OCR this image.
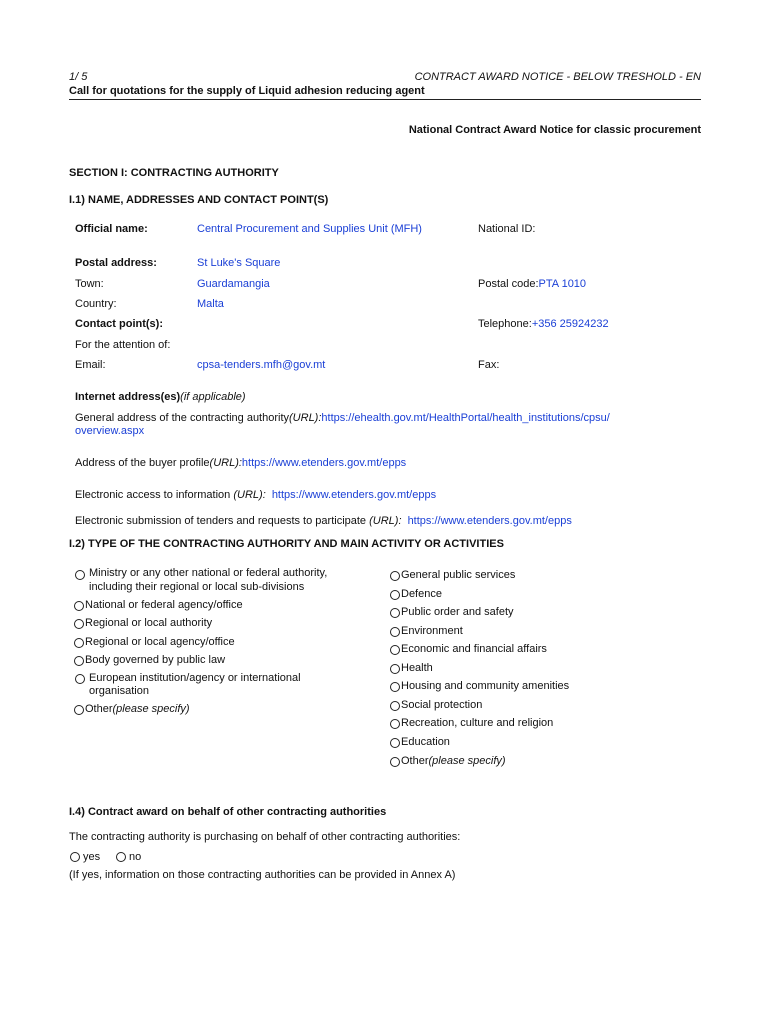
1/ 5	CONTRACT AWARD NOTICE - BELOW TRESHOLD - EN
Call for quotations for the supply of Liquid adhesion reducing agent
National Contract Award Notice for classic procurement
SECTION I: CONTRACTING AUTHORITY
I.1) NAME, ADDRESSES AND CONTACT POINT(S)
Official name:	Central Procurement and Supplies Unit (MFH)	National ID:
Postal address:	St Luke's Square
Town:	Guardamangia	Postal code:PTA 1010
Country:	Malta
Contact point(s):	Telephone:+356 25924232
For the attention of:
Email:	cpsa-tenders.mfh@gov.mt	Fax:
Internet address(es)(if applicable)
General address of the contracting authority(URL):https://ehealth.gov.mt/HealthPortal/health_institutions/cpsu/
overview.aspx
Address of the buyer profile(URL):https://www.etenders.gov.mt/epps
Electronic access to information (URL): https://www.etenders.gov.mt/epps
Electronic submission of tenders and requests to participate (URL): https://www.etenders.gov.mt/epps
I.2) TYPE OF THE CONTRACTING AUTHORITY AND MAIN ACTIVITY OR ACTIVITIES
Ministry or any other national or federal authority,
including their regional or local sub-divisions
National or federal agency/office
Regional or local authority
Regional or local agency/office
Body governed by public law
European institution/agency or international
organisation
Other(please specify)
General public services
Defence
Public order and safety
Environment
Economic and financial affairs
Health
Housing and community amenities
Social protection
Recreation, culture and religion
Education
Other(please specify)
I.4) Contract award on behalf of other contracting authorities
The contracting authority is purchasing on behalf of other contracting authorities:
yes	no
(If yes, information on those contracting authorities can be provided in Annex A)
